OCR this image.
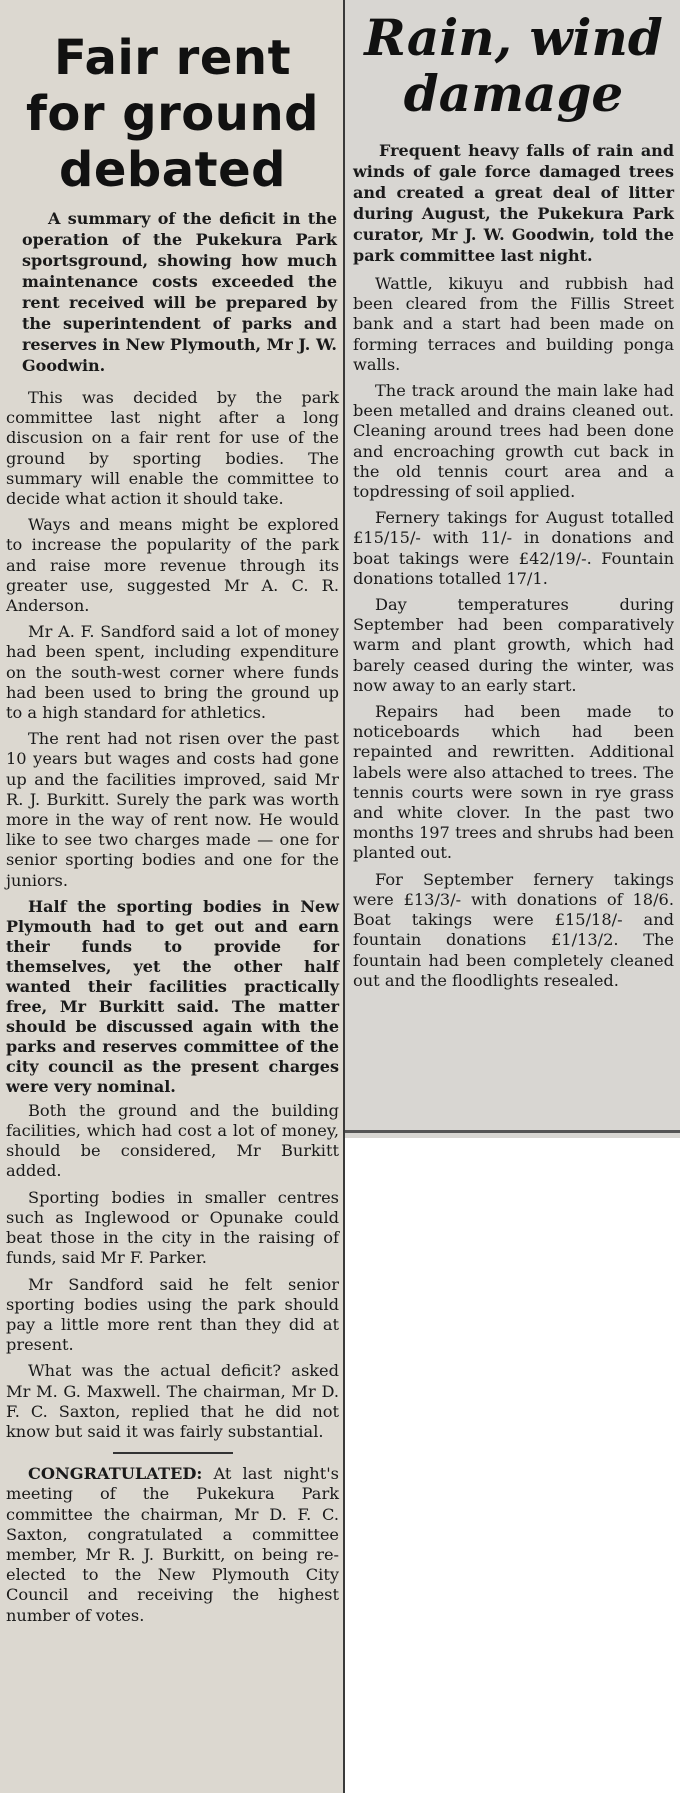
Fair rent for ground debated
A summary of the deficit in the operation of the Pukekura Park sportsground, showing how much maintenance costs exceeded the rent received will be prepared by the superintendent of parks and reserves in New Plymouth, Mr J. W. Goodwin.

This was decided by the park committee last night after a long discusion on a fair rent for use of the ground by sporting bodies. The summary will enable the committee to decide what action it should take.

Ways and means might be explored to increase the popularity of the park and raise more revenue through its greater use, suggested Mr A. C. R. Anderson.

Mr A. F. Sandford said a lot of money had been spent, including expenditure on the south-west corner where funds had been used to bring the ground up to a high standard for athletics.

The rent had not risen over the past 10 years but wages and costs had gone up and the facilities improved, said Mr R. J. Burkitt. Surely the park was worth more in the way of rent now. He would like to see two charges made — one for senior sporting bodies and one for the juniors.

Half the sporting bodies in New Plymouth had to get out and earn their funds to provide for themselves, yet the other half wanted their facilities practically free, Mr Burkitt said. The matter should be discussed again with the parks and reserves committee of the city council as the present charges were very nominal.

Both the ground and the building facilities, which had cost a lot of money, should be considered, Mr Burkitt added.

Sporting bodies in smaller centres such as Inglewood or Opunake could beat those in the city in the raising of funds, said Mr F. Parker.

Mr Sandford said he felt senior sporting bodies using the park should pay a little more rent than they did at present.

What was the actual deficit? asked Mr M. G. Maxwell. The chairman, Mr D. F. C. Saxton, replied that he did not know but said it was fairly substantial.

CONGRATULATED: At last night's meeting of the Pukekura Park committee the chairman, Mr D. F. C. Saxton, congratulated a committee member, Mr R. J. Burkitt, on being re-elected to the New Plymouth City Council and receiving the highest number of votes.

Rain, wind damage
Frequent heavy falls of rain and winds of gale force damaged trees and created a great deal of litter during August, the Pukekura Park curator, Mr J. W. Goodwin, told the park committee last night.

Wattle, kikuyu and rubbish had been cleared from the Fillis Street bank and a start had been made on forming terraces and building ponga walls.

The track around the main lake had been metalled and drains cleaned out. Cleaning around trees had been done and encroaching growth cut back in the old tennis court area and a topdressing of soil applied.

Fernery takings for August totalled £15/15/- with 11/- in donations and boat takings were £42/19/-. Fountain donations totalled 17/1.

Day temperatures during September had been comparatively warm and plant growth, which had barely ceased during the winter, was now away to an early start.

Repairs had been made to noticeboards which had been repainted and rewritten. Additional labels were also attached to trees. The tennis courts were sown in rye grass and white clover. In the past two months 197 trees and shrubs had been planted out.

For September fernery takings were £13/3/- with donations of 18/6. Boat takings were £15/18/- and fountain donations £1/13/2. The fountain had been completely cleaned out and the floodlights resealed.
